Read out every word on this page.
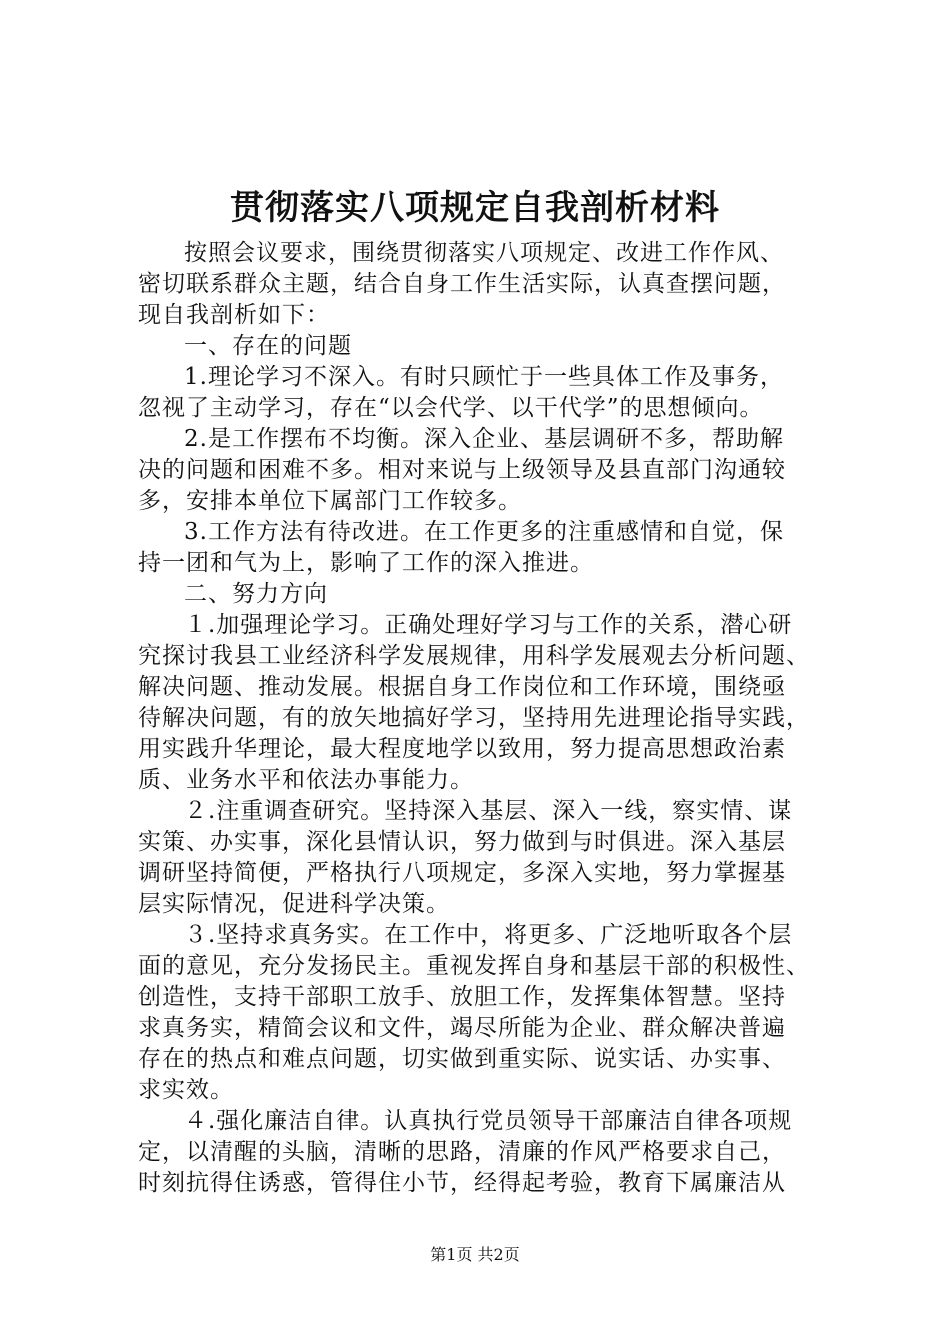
贯彻落实八项规定自我剖析材料
按照会议要求，围绕贯彻落实八项规定、改进工作作风、
密切联系群众主题，结合自身工作生活实际，认真查摆问题，
现自我剖析如下：
一、存在的问题
1.理论学习不深入。有时只顾忙于一些具体工作及事务，
忽视了主动学习，存在“以会代学、以干代学”的思想倾向。
2.是工作摆布不均衡。深入企业、基层调研不多，帮助解
决的问题和困难不多。相对来说与上级领导及县直部门沟通较
多，安排本单位下属部门工作较多。
3.工作方法有待改进。在工作更多的注重感情和自觉，保
持一团和气为上，影响了工作的深入推进。
二、努力方向
１.加强理论学习。正确处理好学习与工作的关系，潜心研
究探讨我县工业经济科学发展规律，用科学发展观去分析问题、
解决问题、推动发展。根据自身工作岗位和工作环境，围绕亟
待解决问题，有的放矢地搞好学习，坚持用先进理论指导实践，
用实践升华理论，最大程度地学以致用，努力提高思想政治素
质、业务水平和依法办事能力。
２.注重调查研究。坚持深入基层、深入一线，察实情、谋
实策、办实事，深化县情认识，努力做到与时俱进。深入基层
调研坚持简便，严格执行八项规定，多深入实地，努力掌握基
层实际情况，促进科学决策。
３.坚持求真务实。在工作中，将更多、广泛地听取各个层
面的意见，充分发扬民主。重视发挥自身和基层干部的积极性、
创造性，支持干部职工放手、放胆工作，发挥集体智慧。坚持
求真务实，精简会议和文件，竭尽所能为企业、群众解决普遍
存在的热点和难点问题，切实做到重实际、说实话、办实事、
求实效。
４.强化廉洁自律。认真执行党员领导干部廉洁自律各项规
定，以清醒的头脑，清晰的思路，清廉的作风严格要求自己，
时刻抗得住诱惑，管得住小节，经得起考验，教育下属廉洁从
第1页 共2页
